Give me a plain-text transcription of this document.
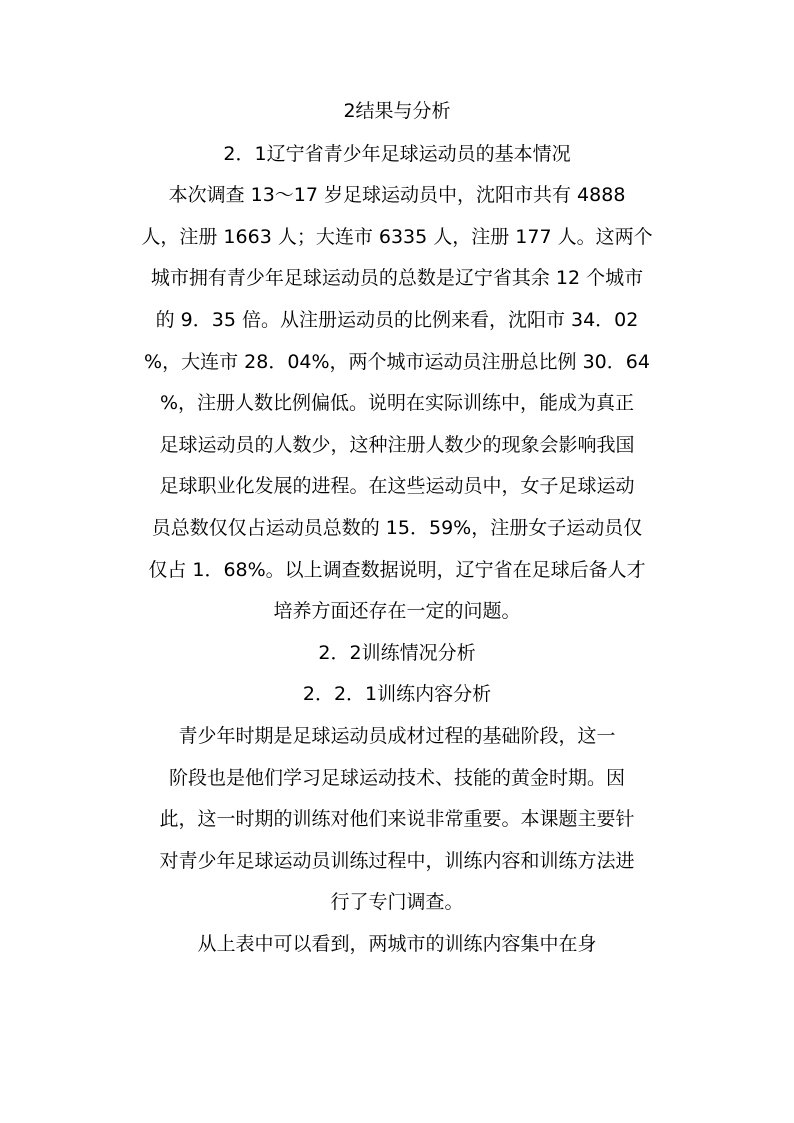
2结果与分析
2．1辽宁省青少年足球运动员的基本情况
本次调查 13～17 岁足球运动员中，沈阳市共有 4888
人，注册 1663 人；大连市 6335 人，注册 177 人。这两个
城市拥有青少年足球运动员的总数是辽宁省其余 12 个城市
的 9．35 倍。从注册运动员的比例来看，沈阳市 34．02
%，大连市 28．04%，两个城市运动员注册总比例 30．64
%，注册人数比例偏低。说明在实际训练中，能成为真正
足球运动员的人数少，这种注册人数少的现象会影响我国
足球职业化发展的进程。在这些运动员中，女子足球运动
员总数仅仅占运动员总数的 15．59%，注册女子运动员仅
仅占 1．68%。以上调查数据说明，辽宁省在足球后备人才
培养方面还存在一定的问题。
2．2训练情况分析
2．2．1训练内容分析
青少年时期是足球运动员成材过程的基础阶段，这一
阶段也是他们学习足球运动技术、技能的黄金时期。因
此，这一时期的训练对他们来说非常重要。本课题主要针
对青少年足球运动员训练过程中，训练内容和训练方法进
行了专门调查。
从上表中可以看到，两城市的训练内容集中在身
